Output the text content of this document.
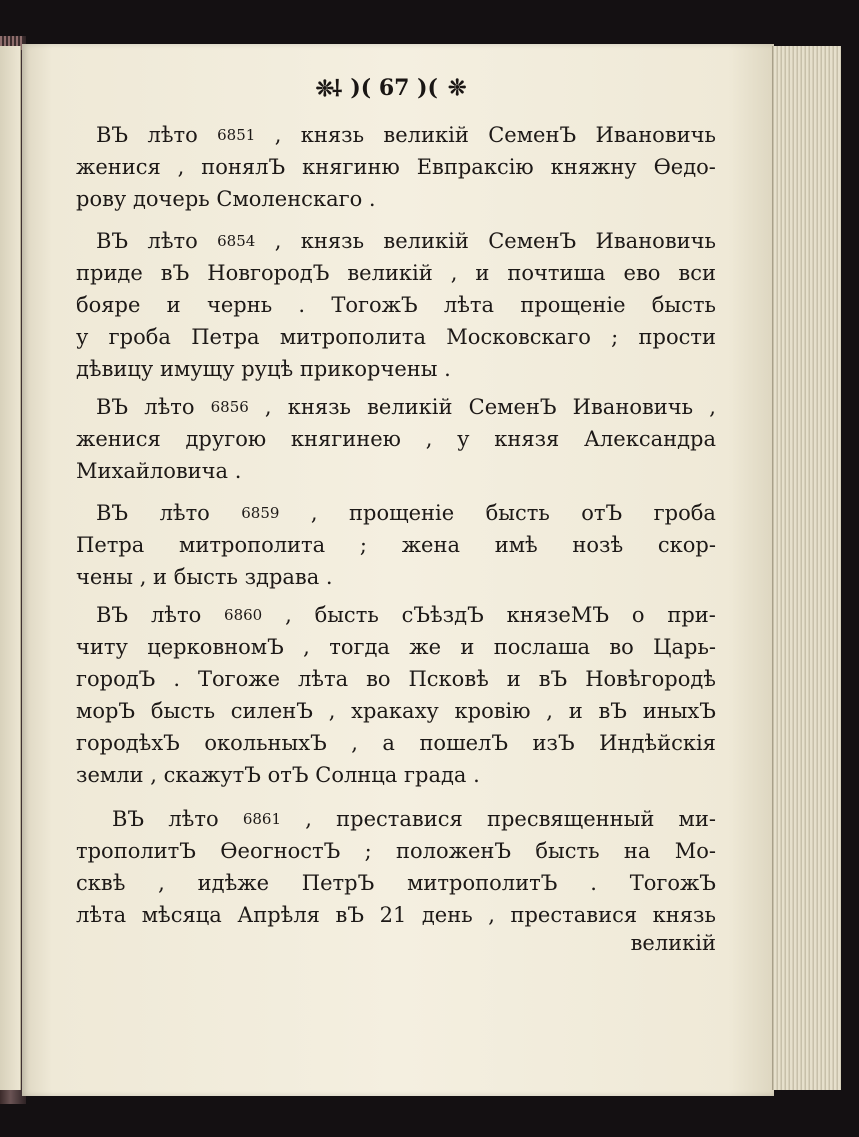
❊⸸ )( 67 )( ❊
ВЪ лѣто 6851 , князь великій СеменЪ Ивановичь
женися , понялЪ княгиню Евпраксію княжну Ѳедо-
рову дочерь Смоленскаго .
ВЪ лѣто 6854 , князь великій СеменЪ Ивановичь
приде вЪ НовгородЪ великій , и почтиша ево вси
бояре и чернь . ТогожЪ лѣта прощеніе бысть
у гроба Петра митрополита Московскаго ; прости
дѣвицу имущу руцѣ прикорчены .
ВЪ лѣто 6856 , князь великій СеменЪ Ивановичь ,
женися другою княгинею , у князя Александра
Михайловича .
ВЪ лѣто 6859 , прощеніе бысть отЪ гроба
Петра митрополита ; жена имѣ нозѣ скор-
чены , и бысть здрава .
ВЪ лѣто 6860 , бысть сЪѣздЪ князеМЪ о при-
читу церковномЪ , тогда же и послаша во Царь-
городЪ . Тогоже лѣта во Псковѣ и вЪ Новѣгородѣ
морЪ бысть силенЪ , хракаху кровію , и вЪ иныхЪ
городѣхЪ окольныхЪ , а пошелЪ изЪ Индѣйскія
земли , скажутЪ отЪ Солнца града .
ВЪ лѣто 6861 , преставися пресвященный ми-
трополитЪ ѲеогностЪ ; положенЪ бысть на Мо-
сквѣ , идѣже ПетрЪ митрополитЪ . ТогожЪ
лѣта мѣсяца Апрѣля вЪ 21 день , преставися князь
великій
